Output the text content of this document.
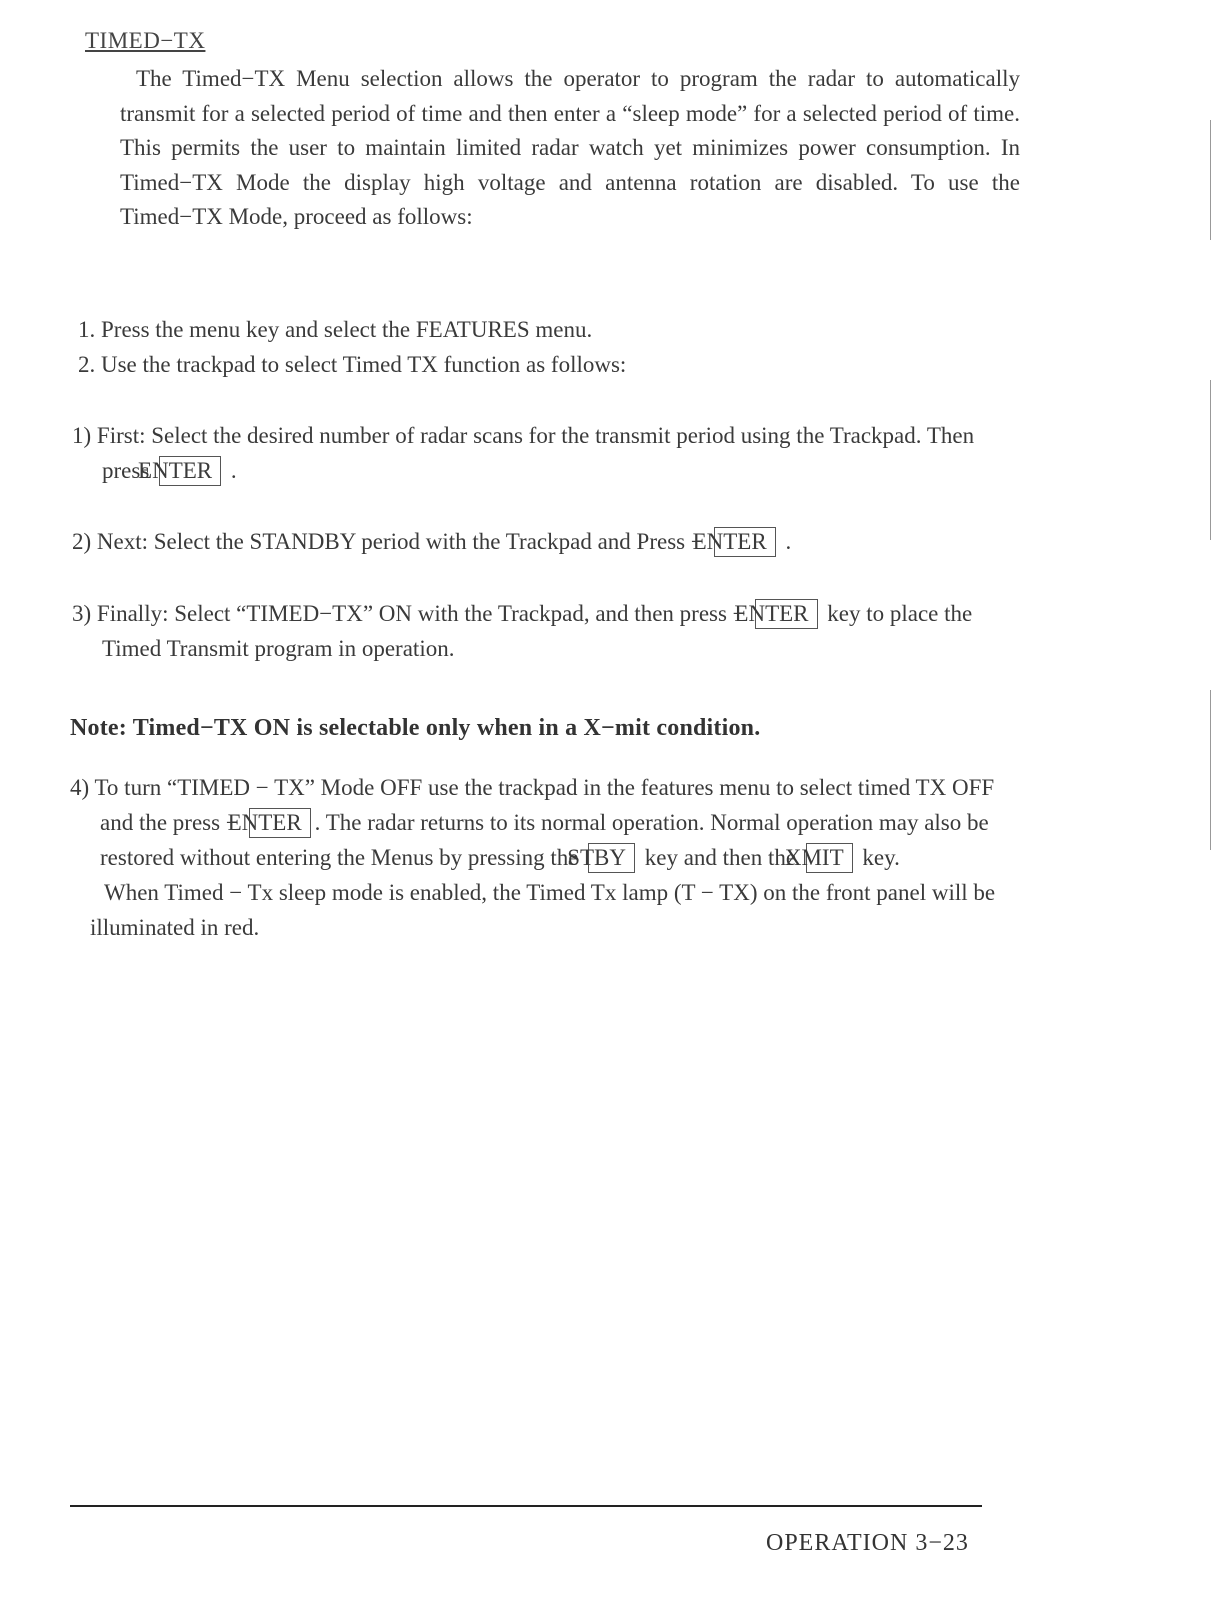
TIMED−TX
The Timed−TX Menu selection allows the operator to program the radar to automatically transmit for a selected period of time and then enter a “sleep mode” for a selected period of time. This permits the user to maintain limited radar watch yet minimizes power consumption. In Timed−TX Mode the display high voltage and antenna rotation are disabled. To use the Timed−TX Mode, proceed as follows:
1. Press the menu key and select the FEATURES menu.
2. Use the trackpad to select Timed TX function as follows:
1) First: Select the desired number of radar scans for the transmit period using the Trackpad. Then press ENTER .
2) Next: Select the STANDBY period with the Trackpad and Press − ENTER .
3) Finally: Select “TIMED−TX” ON with the Trackpad, and then press − ENTER key to place the Timed Transmit program in operation.
Note: Timed−TX ON is selectable only when in a X−mit condition.
4) To turn “TIMED − TX” Mode OFF use the trackpad in the features menu to select timed TX OFF and the press − ENTER . The radar returns to its normal operation. Normal operation may also be restored without entering the Menus by pressing the STBY key and then the XMIT key.
When Timed − Tx sleep mode is enabled, the Timed Tx lamp (T − TX) on the front panel will be illuminated in red.
OPERATION 3−23
